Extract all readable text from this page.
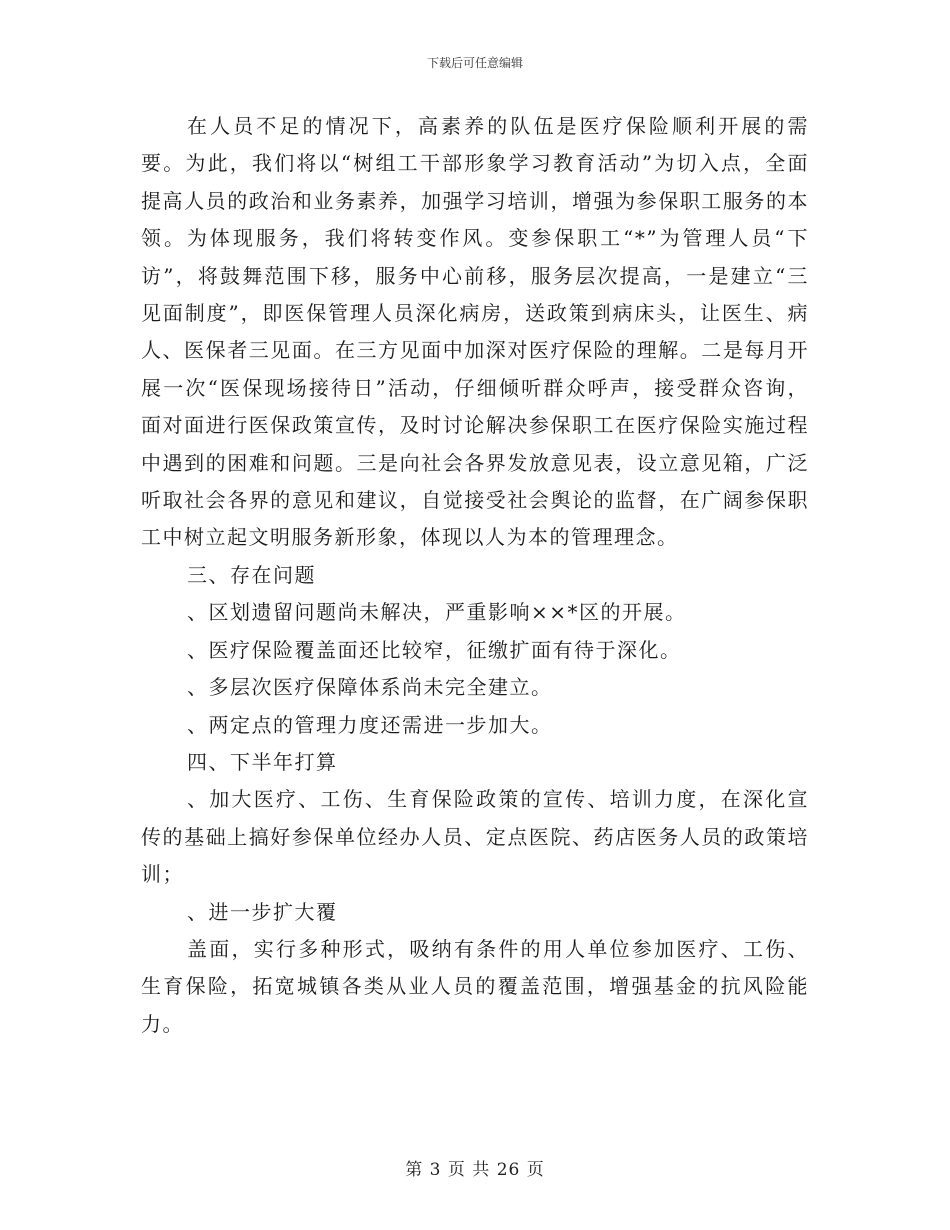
下载后可任意编辑

在人员不足的情况下，高素养的队伍是医疗保险顺利开展的需要。为此，我们将以“树组工干部形象学习教育活动”为切入点，全面提高人员的政治和业务素养，加强学习培训，增强为参保职工服务的本领。为体现服务，我们将转变作风。变参保职工“*”为管理人员“下访”，将鼓舞范围下移，服务中心前移，服务层次提高，一是建立“三见面制度”，即医保管理人员深化病房，送政策到病床头，让医生、病人、医保者三见面。在三方见面中加深对医疗保险的理解。二是每月开展一次“医保现场接待日”活动，仔细倾听群众呼声，接受群众咨询，面对面进行医保政策宣传，及时讨论解决参保职工在医疗保险实施过程中遇到的困难和问题。三是向社会各界发放意见表，设立意见箱，广泛听取社会各界的意见和建议，自觉接受社会舆论的监督，在广阔参保职工中树立起文明服务新形象，体现以人为本的管理理念。

三、存在问题

、区划遗留问题尚未解决，严重影响××*区的开展。

、医疗保险覆盖面还比较窄，征缴扩面有待于深化。

、多层次医疗保障体系尚未完全建立。

、两定点的管理力度还需进一步加大。

四、下半年打算

、加大医疗、工伤、生育保险政策的宣传、培训力度，在深化宣传的基础上搞好参保单位经办人员、定点医院、药店医务人员的政策培训；

、进一步扩大覆

盖面，实行多种形式，吸纳有条件的用人单位参加医疗、工伤、生育保险，拓宽城镇各类从业人员的覆盖范围，增强基金的抗风险能力。

第 3 页 共 26 页
